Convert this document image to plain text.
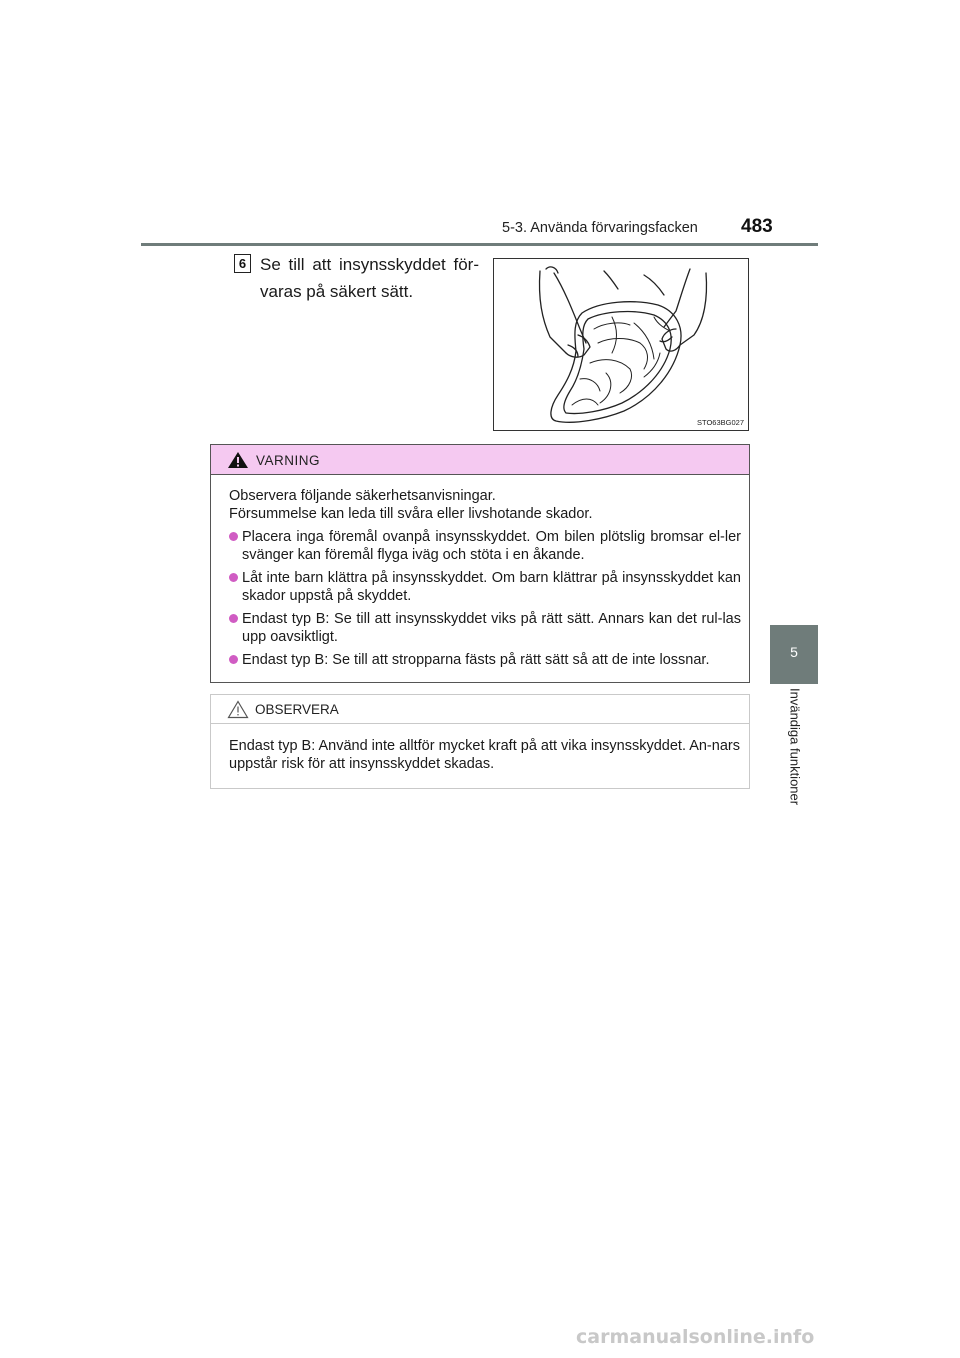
5-3. Använda förvaringsfacken 483
5
Invändiga funktioner
6 Se till att insynsskyddet för-
varas på säkert sätt.
STO63BG027
VARNING

Observera följande säkerhetsanvisningar.

Försummelse kan leda till svåra eller livshotande skador.

Placera inga föremål ovanpå insynsskyddet. Om bilen plötslig bromsar el-ler svänger kan föremål flyga iväg och stöta i en åkande.
Låt inte barn klättra på insynsskyddet. Om barn klättrar på insynsskyddet kan skador uppstå på skyddet.
Endast typ B: Se till att insynsskyddet viks på rätt sätt. Annars kan det rul-las upp oavsiktligt.
Endast typ B: Se till att stropparna fästs på rätt sätt så att de inte lossnar.
OBSERVERA

Endast typ B: Använd inte alltför mycket kraft på att vika insynsskyddet. An-nars uppstår risk för att insynsskyddet skadas.

carmanualsonline.info
